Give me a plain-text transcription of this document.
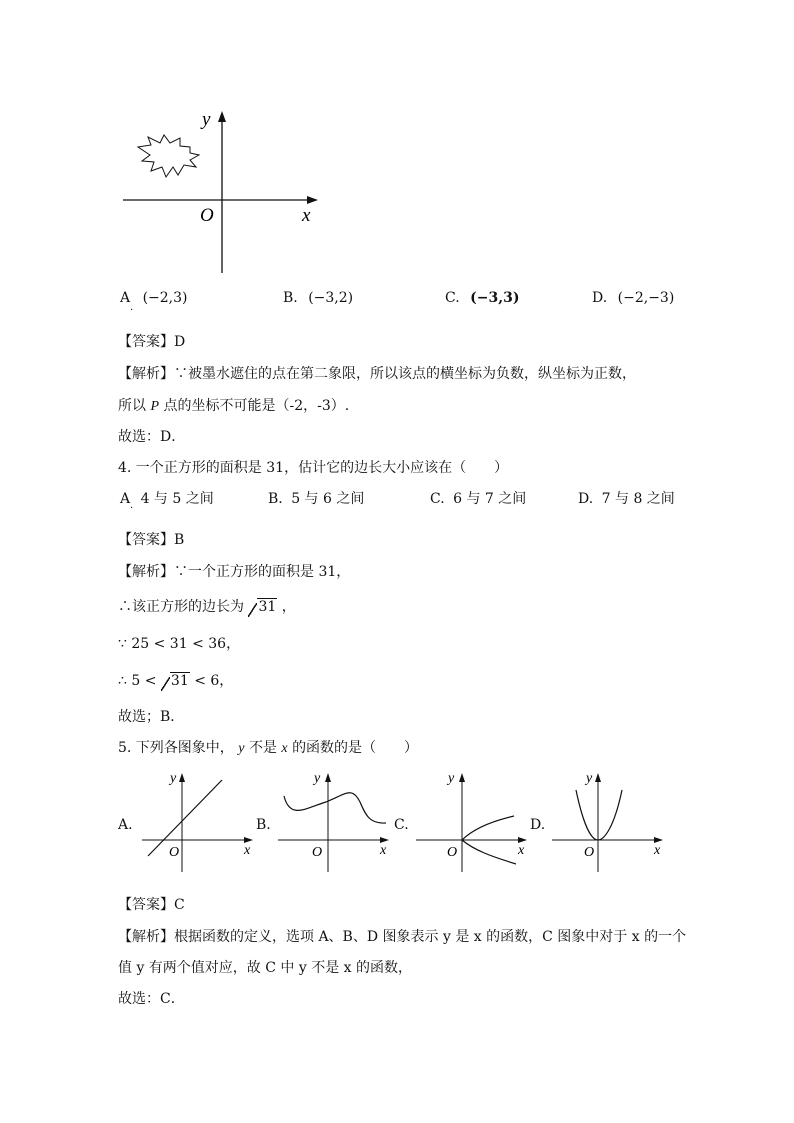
y
x
O
A (−2,3)
·
B. (−3,2)	C. (−3,3)	D. (−2,−3)
【答案】D
【解析】∵被墨水遮住的点在第二象限，所以该点的横坐标为负数，纵坐标为正数，
所以 P 点的坐标不可能是（-2，-3）.
故选：D．
4. 一个正方形的面积是 31，估计它的边长大小应该在（　　）
A 4 与 5 之间
·
B. 5 与 6 之间	C. 6 与 7 之间	D. 7 与 8 之间
【答案】B
【解析】∵一个正方形的面积是 31，
∴该正方形的边长为 31 ，
∵ 25 < 31 < 36，
∴ 5 < 31 < 6，
故选；B．
5. 下列各图象中， y 不是 x 的函数的是（　　）
A.
y
x
O
B.
y
x
O
C.
y
x
O
D.
y
x
O
【答案】C
【解析】根据函数的定义，选项 A、B、D 图象表示 y 是 x 的函数，C 图象中对于 x 的一个
值 y 有两个值对应，故 C 中 y 不是 x 的函数，
故选：C．
